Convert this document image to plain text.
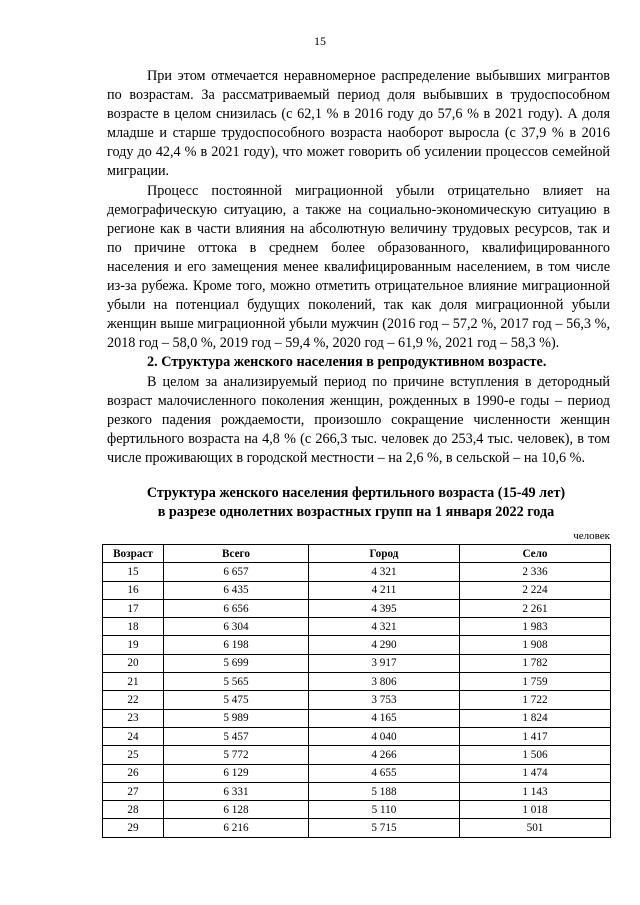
15

При этом отмечается неравномерное распределение выбывших мигрантов по возрастам. За рассматриваемый период доля выбывших в трудоспособном возрасте в целом снизилась (с 62,1 % в 2016 году до 57,6 % в 2021 году). А доля младше и старше трудоспособного возраста наоборот выросла (с 37,9 % в 2016 году до 42,4 % в 2021 году), что может говорить об усилении процессов семейной миграции.

Процесс постоянной миграционной убыли отрицательно влияет на демографическую ситуацию, а также на социально-экономическую ситуацию в регионе как в части влияния на абсолютную величину трудовых ресурсов, так и по причине оттока в среднем более образованного, квалифицированного населения и его замещения менее квалифицированным населением, в том числе из-за рубежа. Кроме того, можно отметить отрицательное влияние миграционной убыли на потенциал будущих поколений, так как доля миграционной убыли женщин выше миграционной убыли мужчин (2016 год – 57,2 %, 2017 год – 56,3 %, 2018 год – 58,0 %, 2019 год – 59,4 %, 2020 год – 61,9 %, 2021 год – 58,3 %).

2. Структура женского населения в репродуктивном возрасте.

В целом за анализируемый период по причине вступления в детородный возраст малочисленного поколения женщин, рожденных в 1990-е годы – период резкого падения рождаемости, произошло сокращение численности женщин фертильного возраста на 4,8 % (с 266,3 тыс. человек до 253,4 тыс. человек), в том числе проживающих в городской местности – на 2,6 %, в сельской – на 10,6 %.

Структура женского населения фертильного возраста (15-49 лет)
в разрезе однолетних возрастных групп на 1 января 2022 года
человек
Возраст	Всего	Город	Село
15	6 657	4 321	2 336
16	6 435	4 211	2 224
17	6 656	4 395	2 261
18	6 304	4 321	1 983
19	6 198	4 290	1 908
20	5 699	3 917	1 782
21	5 565	3 806	1 759
22	5 475	3 753	1 722
23	5 989	4 165	1 824
24	5 457	4 040	1 417
25	5 772	4 266	1 506
26	6 129	4 655	1 474
27	6 331	5 188	1 143
28	6 128	5 110	1 018
29	6 216	5 715	501
